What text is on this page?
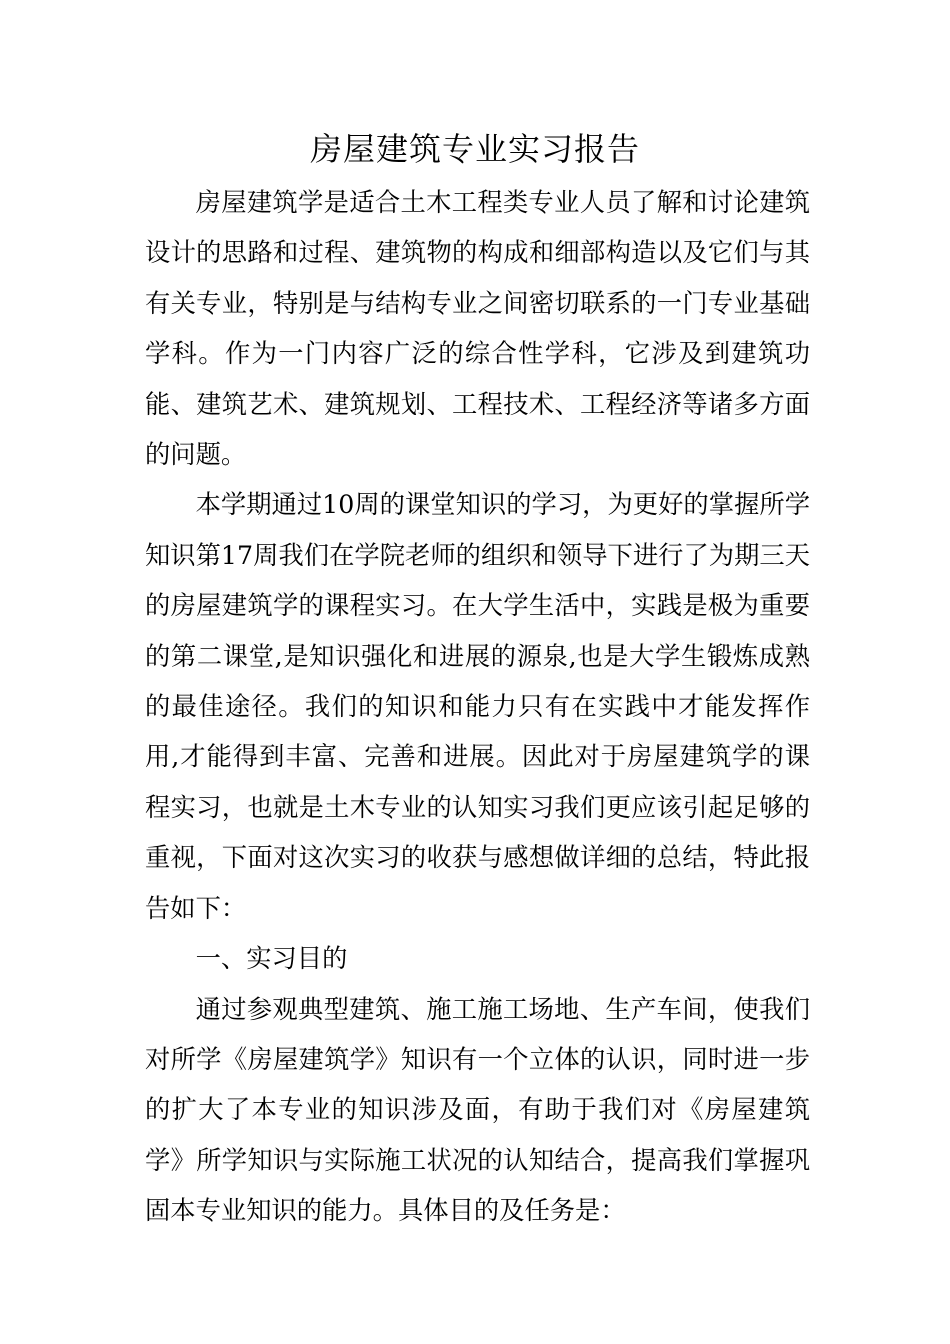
房屋建筑专业实习报告

房屋建筑学是适合土木工程类专业人员了解和讨论建筑设计的思路和过程、建筑物的构成和细部构造以及它们与其有关专业，特别是与结构专业之间密切联系的一门专业基础学科。作为一门内容广泛的综合性学科，它涉及到建筑功能、建筑艺术、建筑规划、工程技术、工程经济等诸多方面的问题。

本学期通过10周的课堂知识的学习，为更好的掌握所学知识第17周我们在学院老师的组织和领导下进行了为期三天的房屋建筑学的课程实习。在大学生活中，实践是极为重要的第二课堂,是知识强化和进展的源泉,也是大学生锻炼成熟的最佳途径。我们的知识和能力只有在实践中才能发挥作用,才能得到丰富、完善和进展。因此对于房屋建筑学的课程实习，也就是土木专业的认知实习我们更应该引起足够的重视，下面对这次实习的收获与感想做详细的总结，特此报告如下：

一、实习目的

通过参观典型建筑、施工施工场地、生产车间，使我们对所学《房屋建筑学》知识有一个立体的认识，同时进一步的扩大了本专业的知识涉及面，有助于我们对《房屋建筑学》所学知识与实际施工状况的认知结合，提高我们掌握巩固本专业知识的能力。具体目的及任务是：
